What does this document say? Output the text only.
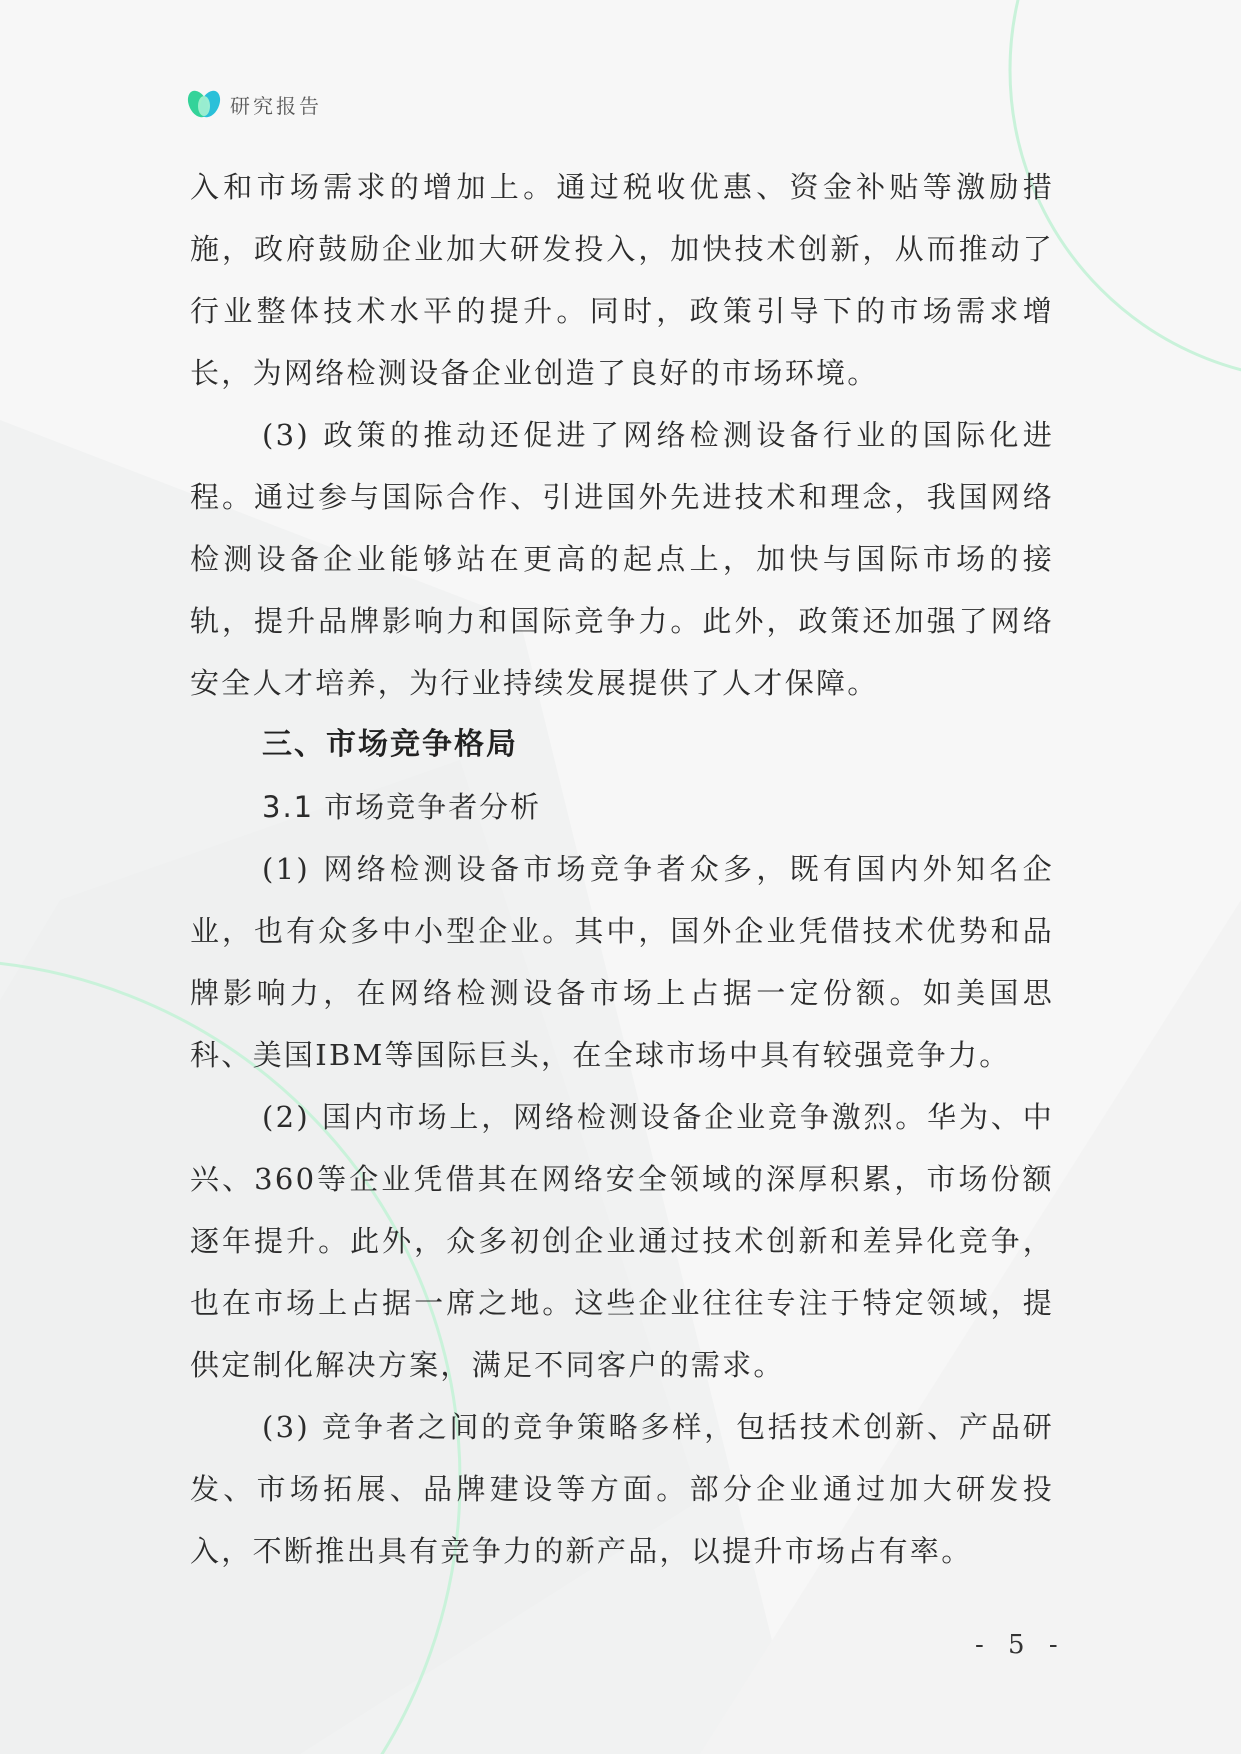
研究报告

入和市场需求的增加上。通过税收优惠、资金补贴等激励措施，政府鼓励企业加大研发投入，加快技术创新，从而推动了行业整体技术水平的提升。同时，政策引导下的市场需求增长，为网络检测设备企业创造了良好的市场环境。

(3) 政策的推动还促进了网络检测设备行业的国际化进程。通过参与国际合作、引进国外先进技术和理念，我国网络检测设备企业能够站在更高的起点上，加快与国际市场的接轨，提升品牌影响力和国际竞争力。此外，政策还加强了网络安全人才培养，为行业持续发展提供了人才保障。

三、市场竞争格局

3.1 市场竞争者分析

(1) 网络检测设备市场竞争者众多，既有国内外知名企业，也有众多中小型企业。其中，国外企业凭借技术优势和品牌影响力，在网络检测设备市场上占据一定份额。如美国思科、美国IBM等国际巨头，在全球市场中具有较强竞争力。

(2) 国内市场上，网络检测设备企业竞争激烈。华为、中兴、360等企业凭借其在网络安全领域的深厚积累，市场份额逐年提升。此外，众多初创企业通过技术创新和差异化竞争，也在市场上占据一席之地。这些企业往往专注于特定领域，提供定制化解决方案，满足不同客户的需求。

(3) 竞争者之间的竞争策略多样，包括技术创新、产品研发、市场拓展、品牌建设等方面。部分企业通过加大研发投入，不断推出具有竞争力的新产品，以提升市场占有率。

- 5 -
